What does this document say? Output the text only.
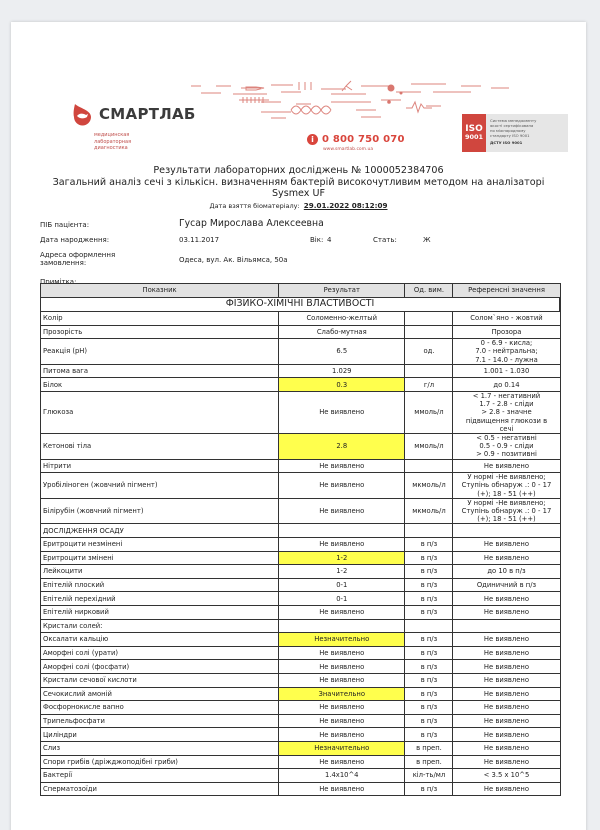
СМАРТЛАБ
медицинская
лабораторная
диагностика
i 0 800 750 070
www.smartlab.com.ua
ISO
9001
Система менеджменту
якості сертифікована
по міжнародному
стандарту ISO 9001
ДСТУ ISO 9001
Результати лабораторних досліджень № 1000052384706
Загальний аналіз сечі з кількісн. визначенням бактерій високочутливим методом на аналізаторі
Sysmex UF
Дата взяття біоматеріалу: 29.01.2022 08:12:09
ПІБ пацієнта:	Гусар Мирослава Алексеевна
Дата народження:	03.11.2017	Вік: 4	Стать:	Ж
Адреса оформлення
замовлення:	Одеса, вул. Ак. Вільямса, 50а
Примітка:
Показник	Результат	Од. вим.	Референсні значення
ФІЗИКО-ХІМІЧНІ ВЛАСТИВОСТІ			
Колір	Соломенно-желтый		Солом`яно - жовтий

Прозорість	Слабо-мутная		Прозора

Реакція (pH)	6.5	од.	0 - 6.9 - кисла;
7.0 - нейтральна;
7.1 - 14.0 - лужна

Питома вага	1.029		1.001 - 1.030

Білок	0.3	г/л	до 0.14

Глюкоза	Не виявлено	ммоль/л	< 1.7 - негативний
1.7 - 2.8 - сліди
> 2.8 - значне
підвищення глюкози в
сечі

Кетонові тіла	2.8	ммоль/л	< 0.5 - негативні
0.5 - 0.9 - сліди
> 0.9 - позитивні

Нітрити	Не виявлено		Не виявлено

Уробіліноген (жовчний пігмент)	Не виявлено	мкмоль/л	У нормі -Не виявлено;
Ступінь обнаруж .: 0 - 17
(+); 18 - 51 (++)

Білірубін (жовчний пігмент)	Не виявлено	мкмоль/л	У нормі -Не виявлено;
Ступінь обнаруж .: 0 - 17
(+); 18 - 51 (++)

ДОСЛІДЖЕННЯ ОСАДУ			

Еритроцити незмінені	Не виявлено	в п/з	Не виявлено

Еритроцити змінені	1-2	в п/з	Не виявлено

Лейкоцити	1-2	в п/з	до 10 в п/з

Епітелій плоский	0-1	в п/з	Одиничний в п/з

Епітелій перехідний	0-1	в п/з	Не виявлено

Епітелій нирковий	Не виявлено	в п/з	Не виявлено

Кристали солей:			

Оксалати кальцію	Незначительно	в п/з	Не виявлено

Аморфні солі (урати)	Не виявлено	в п/з	Не виявлено

Аморфні солі (фосфати)	Не виявлено	в п/з	Не виявлено

Кристали сечової кислоти	Не виявлено	в п/з	Не виявлено

Сечокислий амоній	Значительно	в п/з	Не виявлено

Фосфорнокисле вапно	Не виявлено	в п/з	Не виявлено

Трипельфосфати	Не виявлено	в п/з	Не виявлено

Циліндри	Не виявлено	в п/з	Не виявлено

Слиз	Незначительно	в преп.	Не виявлено

Спори грибів (дріжджоподібні гриби)	Не виявлено	в преп.	Не виявлено

Бактерії	1.4x10^4	кіл-ть/мл	< 3.5 x 10^5

Сперматозоїди	Не виявлено	в п/з	Не виявлено
